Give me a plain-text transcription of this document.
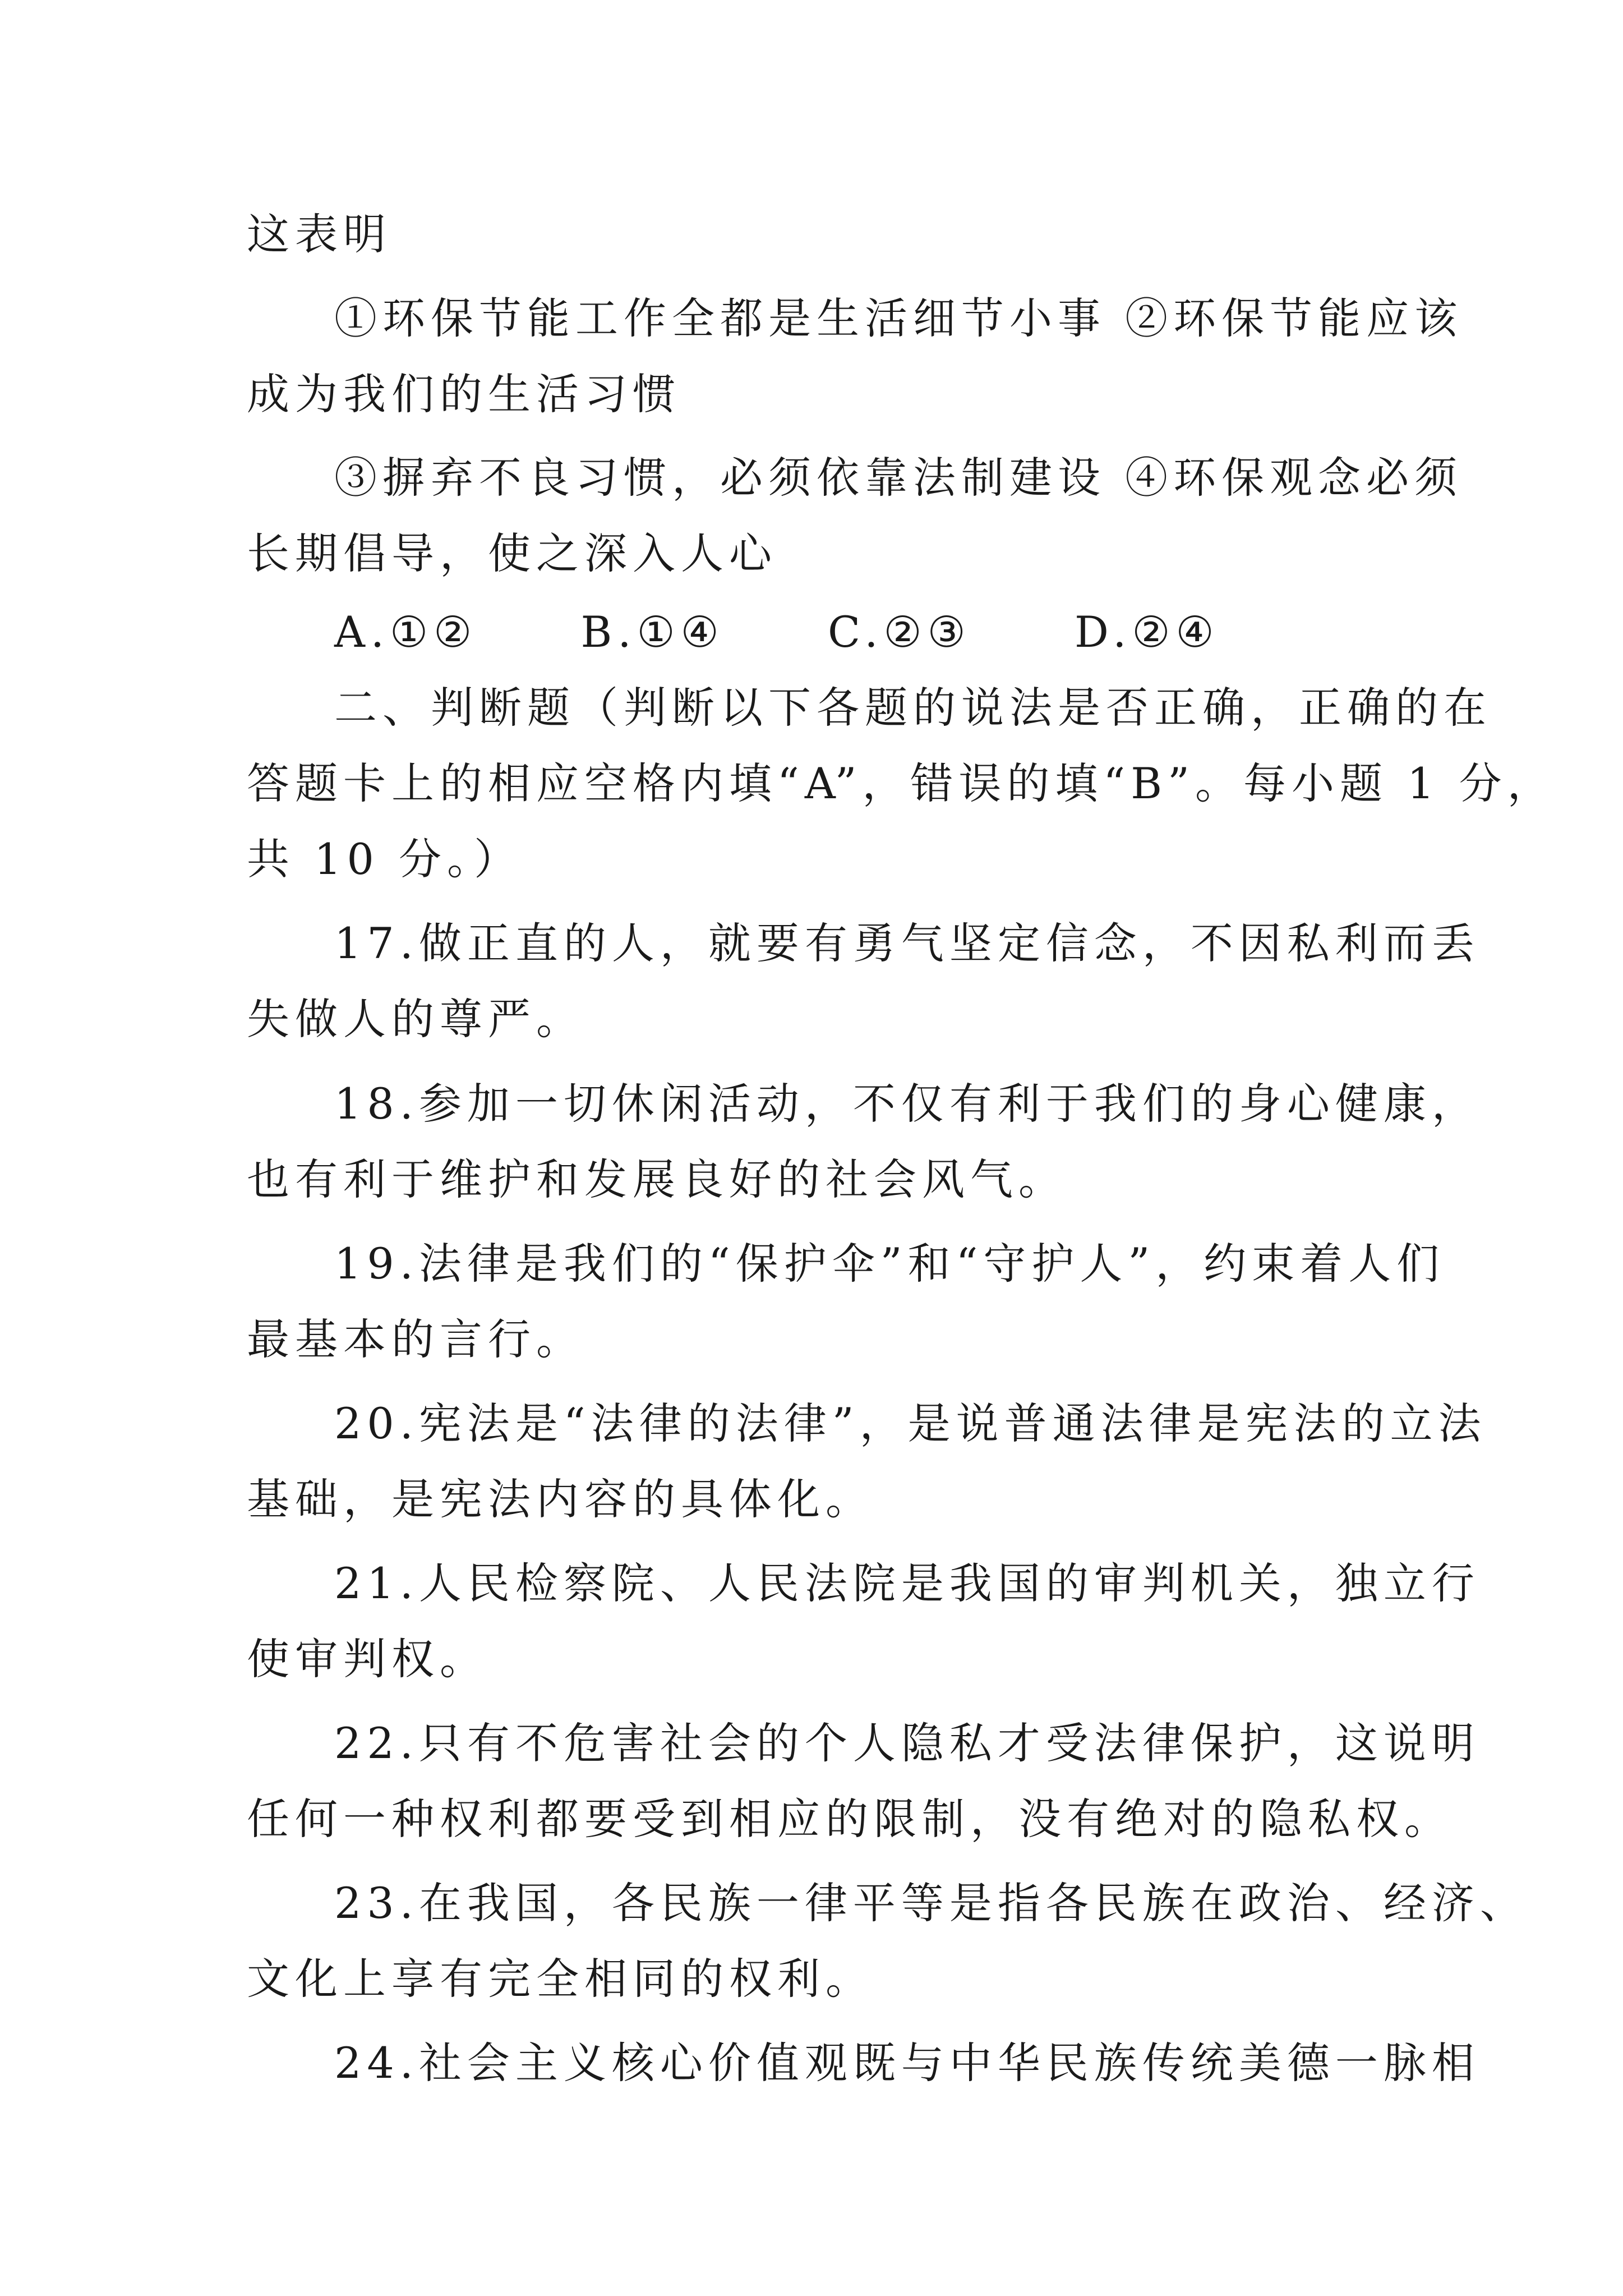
这表明
①环保节能工作全都是生活细节小事 ②环保节能应该
成为我们的生活习惯
③摒弃不良习惯，必须依靠法制建设 ④环保观念必须
长期倡导，使之深入人心
A.①② B.①④ C.②③ D.②④
二、判断题（判断以下各题的说法是否正确，正确的在
答题卡上的相应空格内填“A”，错误的填“B”。每小题 1 分，
共 10 分。）
17.做正直的人，就要有勇气坚定信念，不因私利而丢
失做人的尊严。
18.参加一切休闲活动，不仅有利于我们的身心健康，
也有利于维护和发展良好的社会风气。
19.法律是我们的“保护伞”和“守护人”，约束着人们
最基本的言行。
20.宪法是“法律的法律”，是说普通法律是宪法的立法
基础，是宪法内容的具体化。
21.人民检察院、人民法院是我国的审判机关，独立行
使审判权。
22.只有不危害社会的个人隐私才受法律保护，这说明
任何一种权利都要受到相应的限制，没有绝对的隐私权。
23.在我国，各民族一律平等是指各民族在政治、经济、
文化上享有完全相同的权利。
24.社会主义核心价值观既与中华民族传统美德一脉相
